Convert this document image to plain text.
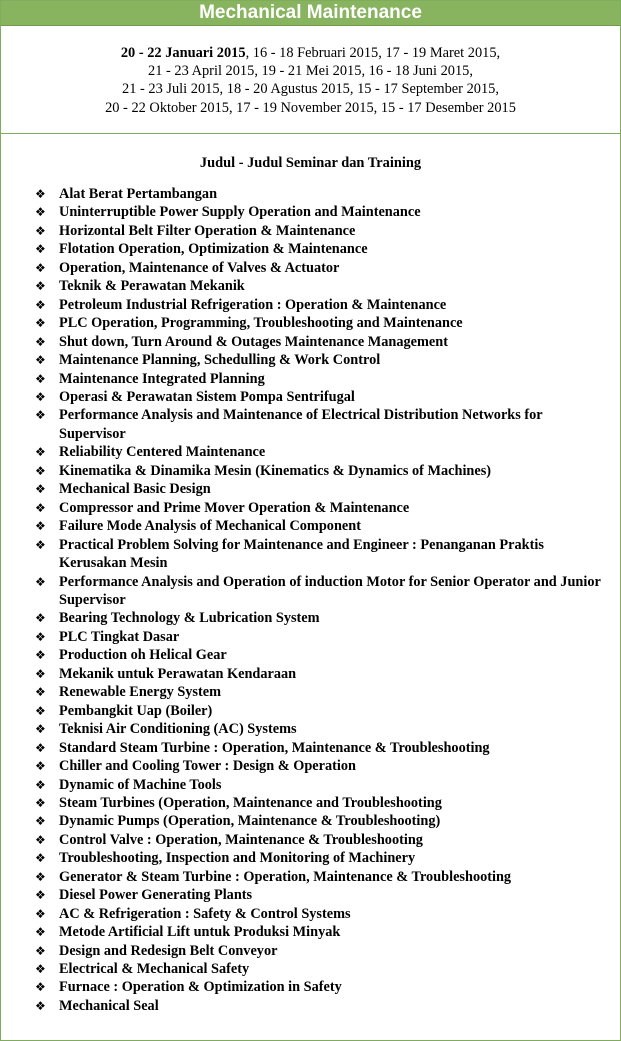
Mechanical Maintenance
20 - 22 Januari 2015, 16 - 18 Februari 2015, 17 - 19 Maret 2015,
21 - 23 April 2015, 19 - 21 Mei 2015, 16 - 18 Juni 2015,
21 - 23 Juli 2015, 18 - 20 Agustus 2015, 15 - 17 September 2015,
20 - 22 Oktober 2015, 17 - 19 November 2015, 15 - 17 Desember 2015
Judul - Judul Seminar dan Training
❖ Alat Berat Pertambangan
❖ Uninterruptible Power Supply Operation and Maintenance
❖ Horizontal Belt Filter Operation & Maintenance
❖ Flotation Operation, Optimization & Maintenance
❖ Operation, Maintenance of Valves & Actuator
❖ Teknik & Perawatan Mekanik
❖ Petroleum Industrial Refrigeration : Operation & Maintenance
❖ PLC Operation, Programming, Troubleshooting and Maintenance
❖ Shut down, Turn Around & Outages Maintenance Management
❖ Maintenance Planning, Schedulling & Work Control
❖ Maintenance Integrated Planning
❖ Operasi & Perawatan Sistem Pompa Sentrifugal
❖ Performance Analysis and Maintenance of Electrical Distribution Networks for Supervisor
❖ Reliability Centered Maintenance
❖ Kinematika & Dinamika Mesin (Kinematics & Dynamics of Machines)
❖ Mechanical Basic Design
❖ Compressor and Prime Mover Operation & Maintenance
❖ Failure Mode Analysis of Mechanical Component
❖ Practical Problem Solving for Maintenance and Engineer : Penanganan Praktis Kerusakan Mesin
❖ Performance Analysis and Operation of induction Motor for Senior Operator and Junior Supervisor
❖ Bearing Technology & Lubrication System
❖ PLC Tingkat Dasar
❖ Production oh Helical Gear
❖ Mekanik untuk Perawatan Kendaraan
❖ Renewable Energy System
❖ Pembangkit Uap (Boiler)
❖ Teknisi Air Conditioning (AC) Systems
❖ Standard Steam Turbine : Operation, Maintenance & Troubleshooting
❖ Chiller and Cooling Tower : Design & Operation
❖ Dynamic of Machine Tools
❖ Steam Turbines (Operation, Maintenance and Troubleshooting
❖ Dynamic Pumps (Operation, Maintenance & Troubleshooting)
❖ Control Valve : Operation, Maintenance & Troubleshooting
❖ Troubleshooting, Inspection and Monitoring of Machinery
❖ Generator & Steam Turbine : Operation, Maintenance & Troubleshooting
❖ Diesel Power Generating Plants
❖ AC & Refrigeration : Safety & Control Systems
❖ Metode Artificial Lift untuk Produksi Minyak
❖ Design and Redesign Belt Conveyor
❖ Electrical & Mechanical Safety
❖ Furnace : Operation & Optimization in Safety
❖ Mechanical Seal
